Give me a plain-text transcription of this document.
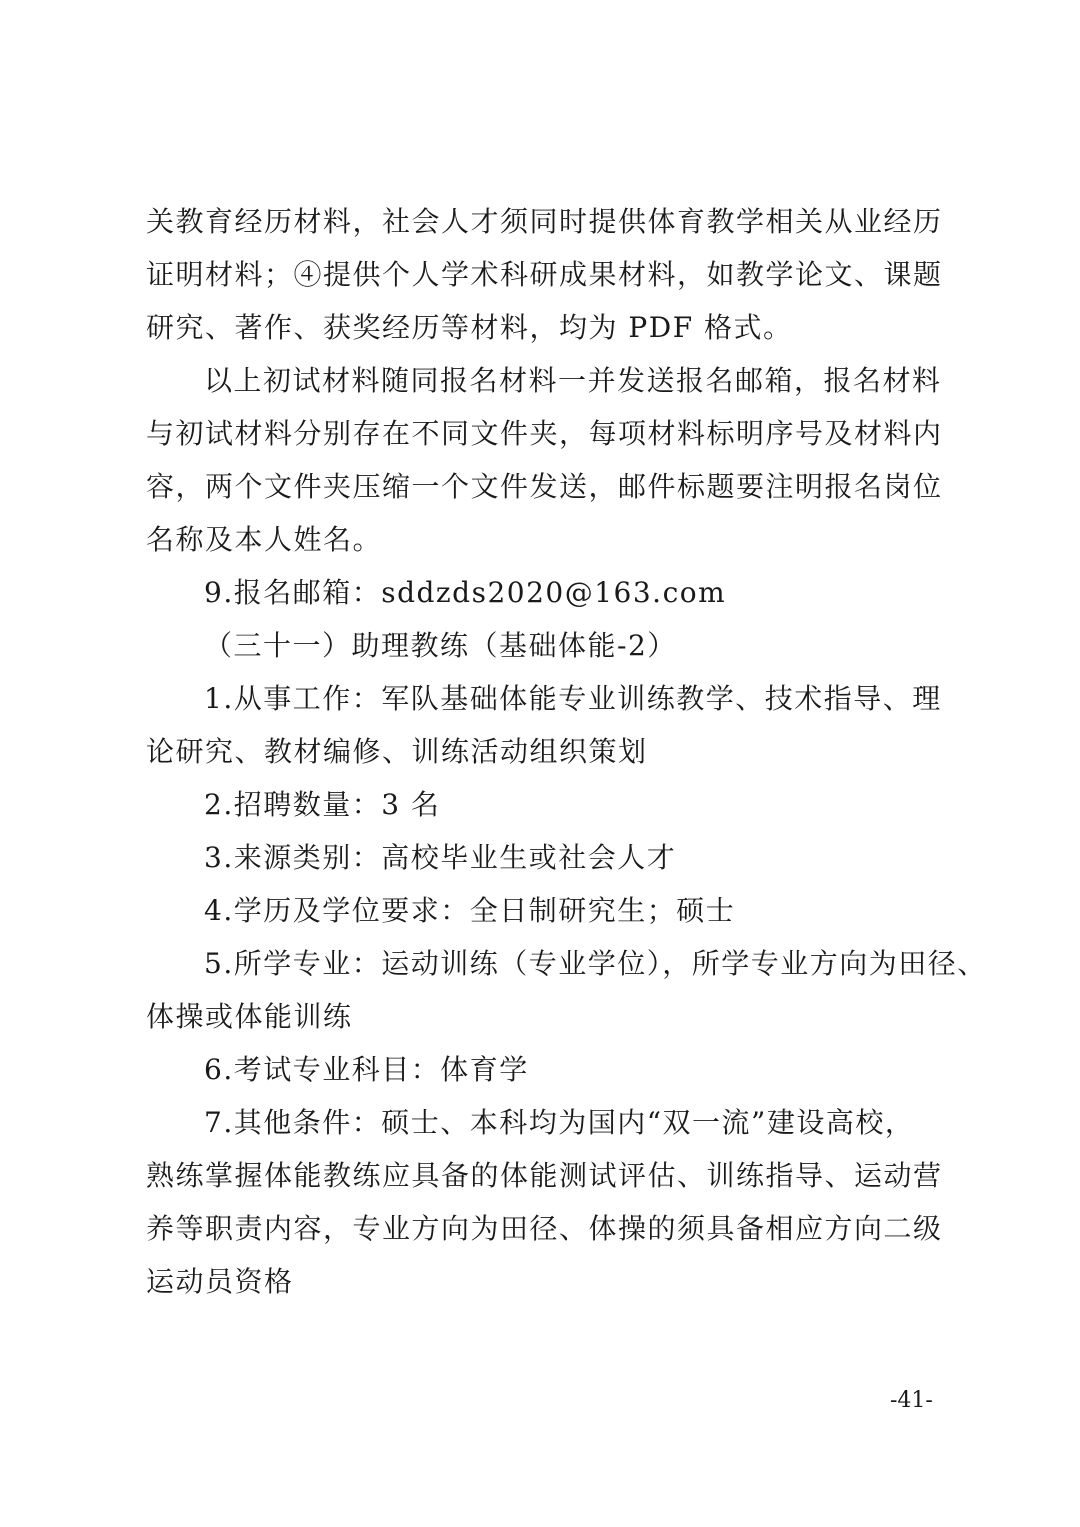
关教育经历材料，社会人才须同时提供体育教学相关从业经历
证明材料；④提供个人学术科研成果材料，如教学论文、课题
研究、著作、获奖经历等材料，均为 PDF 格式。
以上初试材料随同报名材料一并发送报名邮箱，报名材料
与初试材料分别存在不同文件夹，每项材料标明序号及材料内
容，两个文件夹压缩一个文件发送，邮件标题要注明报名岗位
名称及本人姓名。
9.报名邮箱：sddzds2020@163.com
（三十一）助理教练（基础体能-2）
1.从事工作：军队基础体能专业训练教学、技术指导、理
论研究、教材编修、训练活动组织策划
2.招聘数量：3 名
3.来源类别：高校毕业生或社会人才
4.学历及学位要求：全日制研究生；硕士
5.所学专业：运动训练（专业学位），所学专业方向为田径、
体操或体能训练
6.考试专业科目：体育学
7.其他条件：硕士、本科均为国内“双一流”建设高校，
熟练掌握体能教练应具备的体能测试评估、训练指导、运动营
养等职责内容，专业方向为田径、体操的须具备相应方向二级
运动员资格
-41-
